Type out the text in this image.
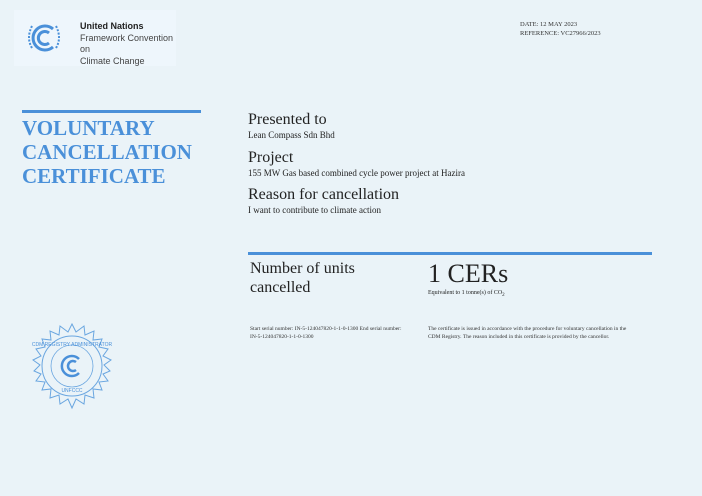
United Nations
Framework Convention on
Climate Change
DATE: 12 MAY 2023
REFERENCE: VC27966/2023
VOLUNTARY
CANCELLATION
CERTIFICATE
Presented to
Lean Compass Sdn Bhd
Project
155 MW Gas based combined cycle power project at Hazira
Reason for cancellation
I want to contribute to climate action
Number of units
cancelled	1 CERs
Equivalent to 1 tonne(s) of $CO_2$
Start serial number: IN-5-124047820-1-1-0-1300 End serial number: IN-5-124047820-1-1-0-1300
The certificate is issued in accordance with the procedure for voluntary cancellation in the CDM Registry. The reason included in this certificate is provided by the cancellor.
CDM REGISTRY ADMINISTRATOR
UNFCCC
